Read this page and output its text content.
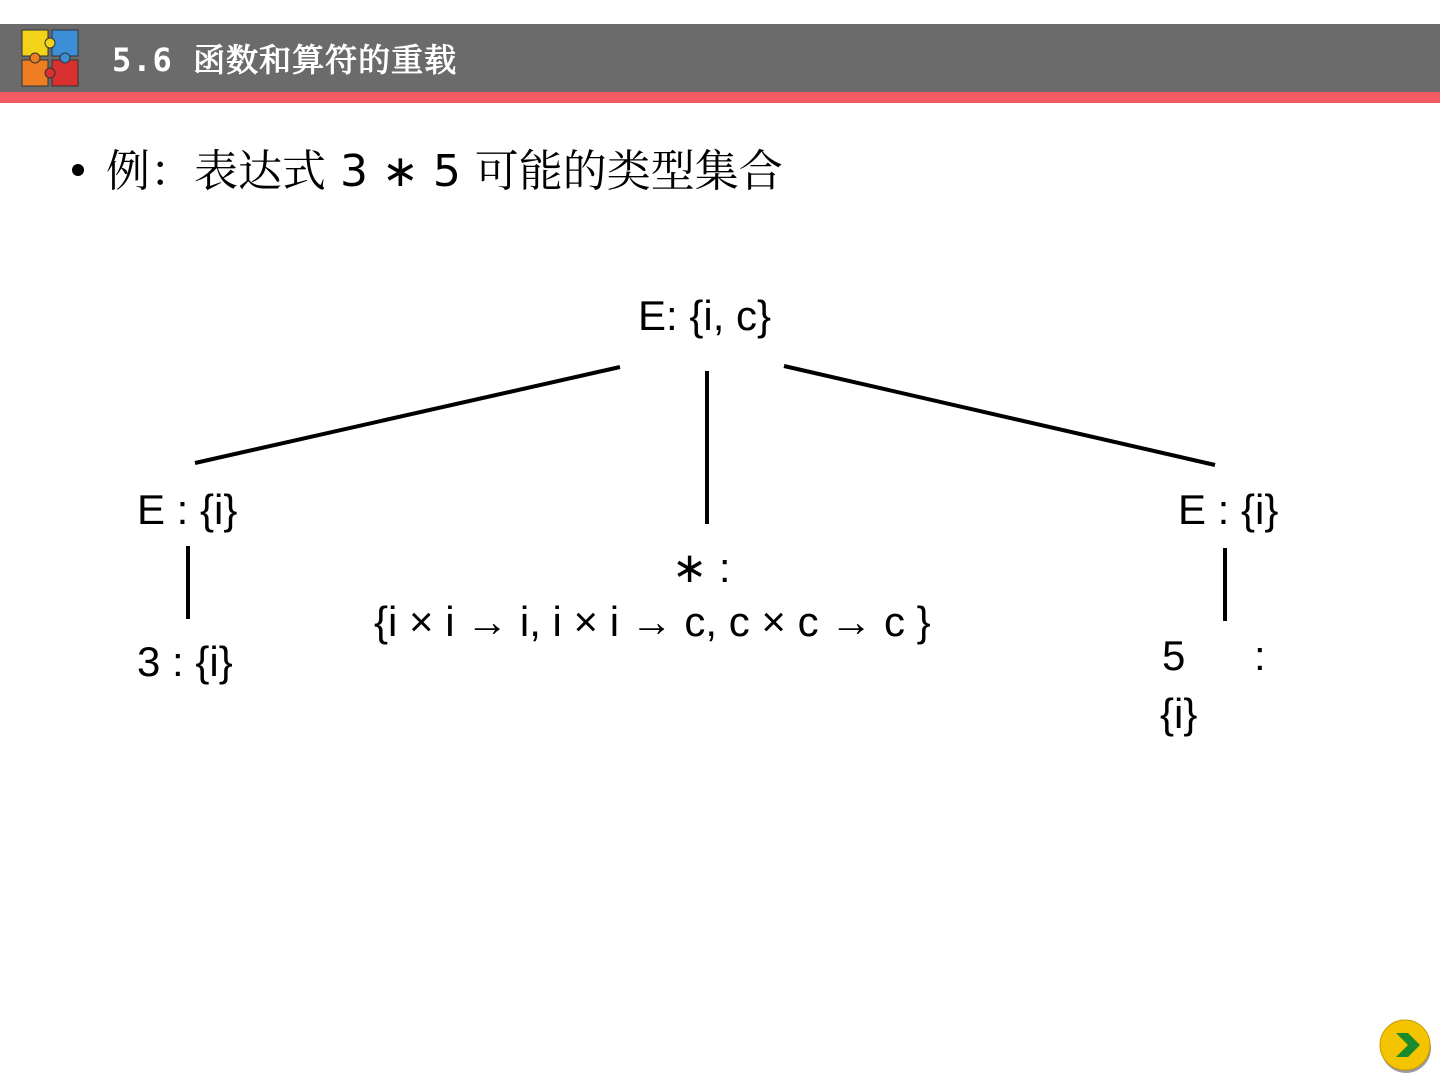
5.6 函数和算符的重载
例：表达式 3 ∗ 5 可能的类型集合
E: {i, c}
E : {i}
3 : {i}
∗ :
{i × i → i, i × i → c, c × c → c }
E : {i}
5 :
{i}
